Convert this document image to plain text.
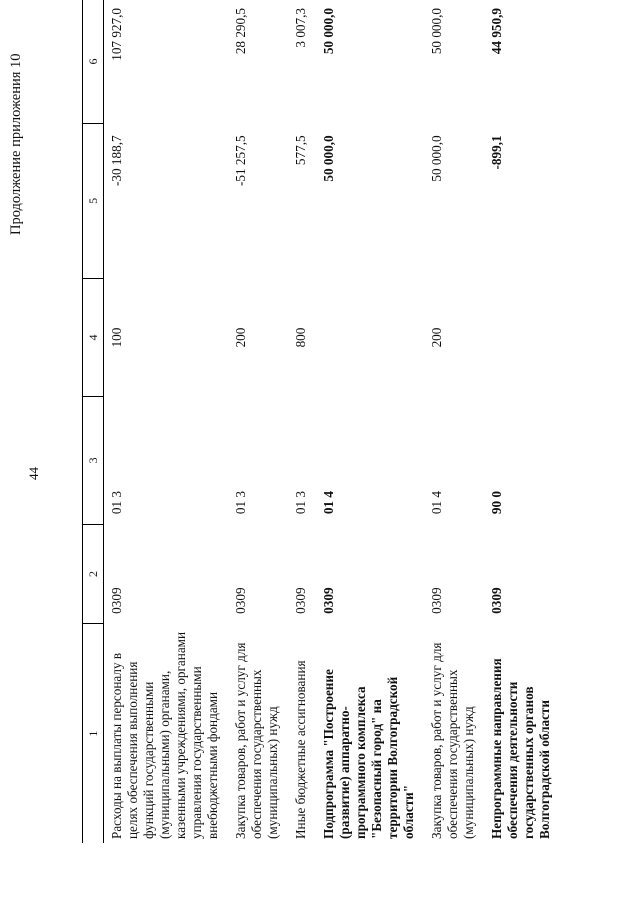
44
Продолжение приложения 10
1	2	3	4	5	6
Расходы на выплаты персоналу в целях обеспечения выполнения функций государственными (муниципальными) органами, казенными учреждениями, органами управления государственными внебюджетными фондами	0309	01 3	100	-30 188,7	107 927,0
Закупка товаров, работ и услуг для обеспечения государственных (муниципальных) нужд	0309	01 3	200	-51 257,5	28 290,5
Иные бюджетные ассигнования	0309	01 3	800	577,5	3 007,3
Подпрограмма "Построение (развитие) аппаратно-программного комплекса "Безопасный город" на территории Волгоградской области"	0309	01 4		50 000,0	50 000,0
Закупка товаров, работ и услуг для обеспечения государственных (муниципальных) нужд	0309	01 4	200	50 000,0	50 000,0
Непрограммные направления обеспечения деятельности государственных органов Волгоградской области	0309	90 0		-899,1	44 950,9
